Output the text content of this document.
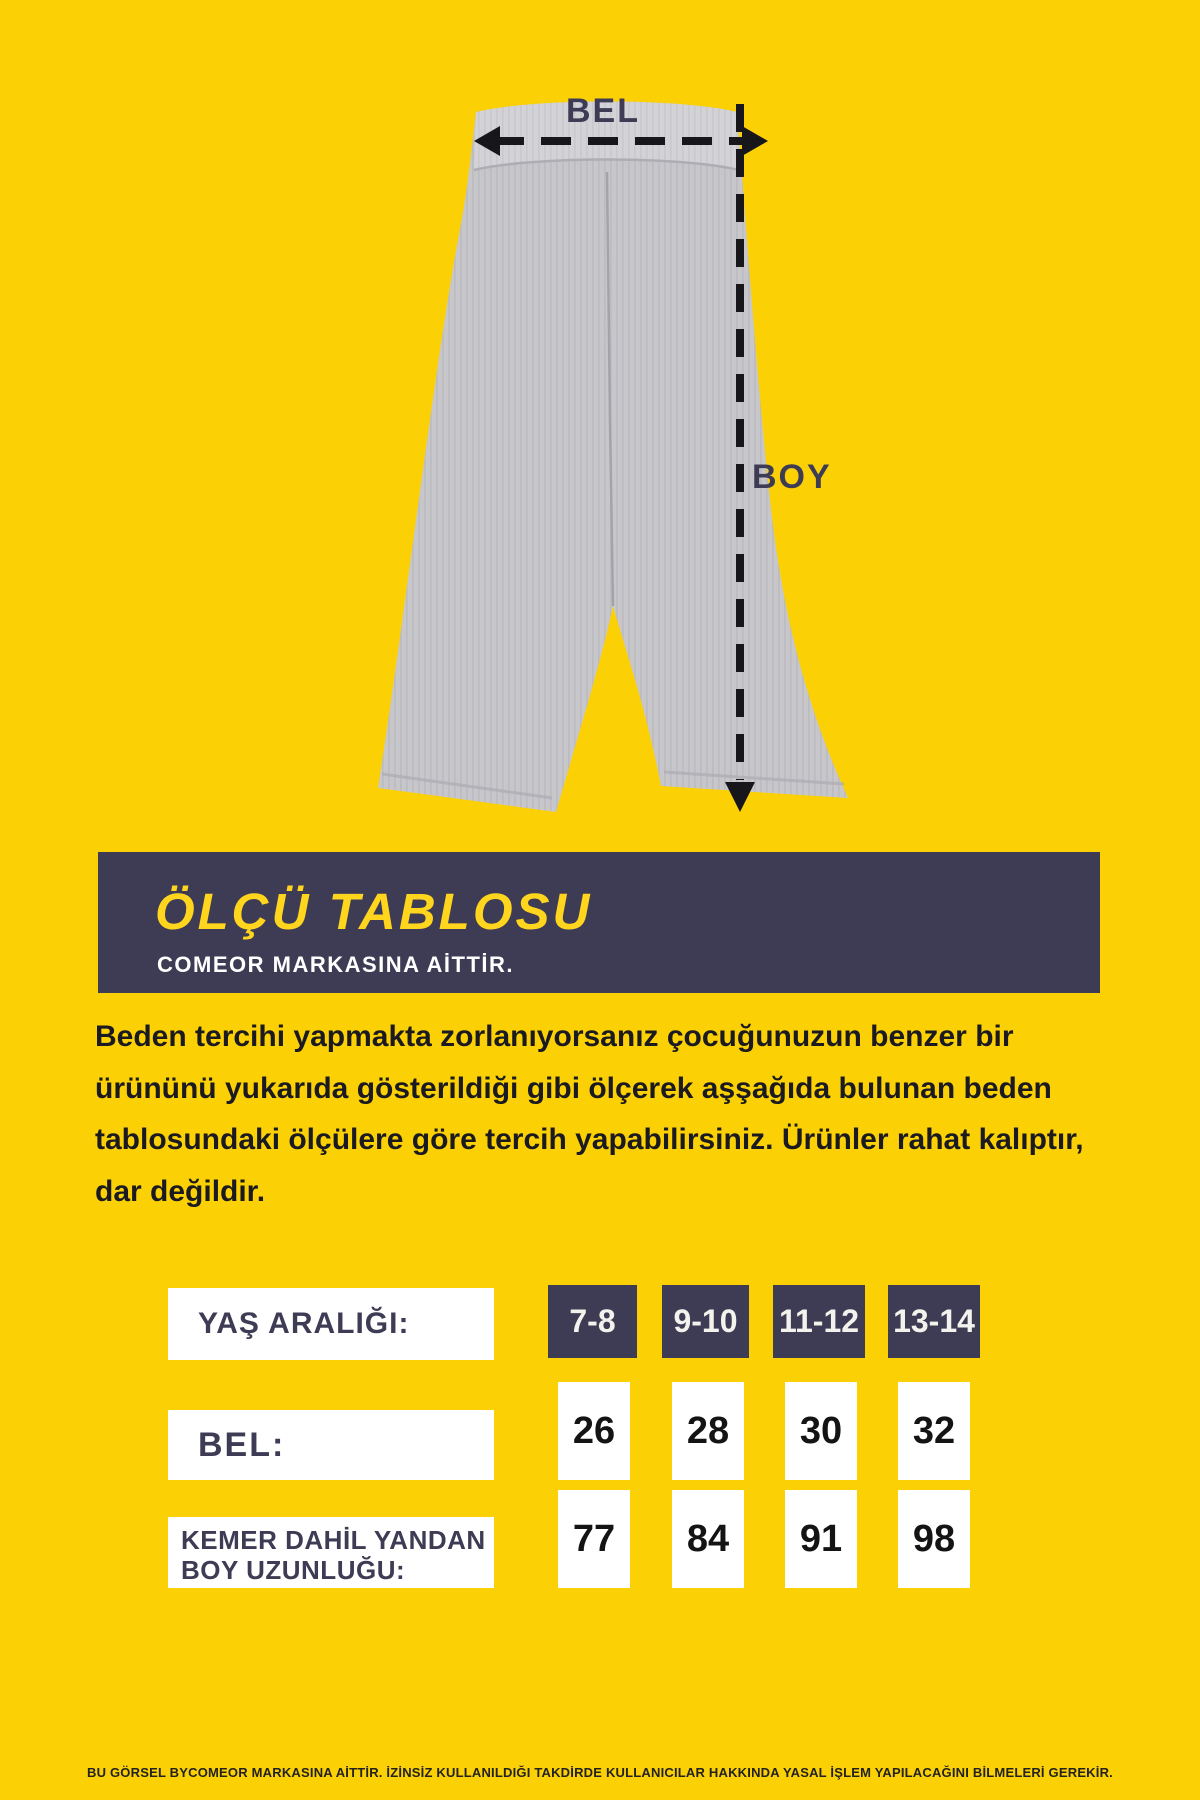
BEL
BOY
ÖLÇÜ TABLOSU
COMEOR MARKASINA AİTTİR.
Beden tercihi yapmakta zorlanıyorsanız çocuğunuzun benzer bir
ürününü yukarıda gösterildiği gibi ölçerek aşşağıda bulunan beden
tablosundaki ölçülere göre tercih yapabilirsiniz. Ürünler rahat kalıptır,
dar değildir.
YAŞ ARALIĞI:	7-8	9-10	11-12 13-14
BEL:	26	28	30	32
KEMER DAHİL YANDAN
BOY UZUNLUĞU:
77	84	91	98
BU GÖRSEL BYCOMEOR MARKASINA AİTTİR. İZİNSİZ KULLANILDIĞI TAKDİRDE KULLANICILAR HAKKINDA YASAL İŞLEM YAPILACAĞINI BİLMELERİ GEREKİR.
